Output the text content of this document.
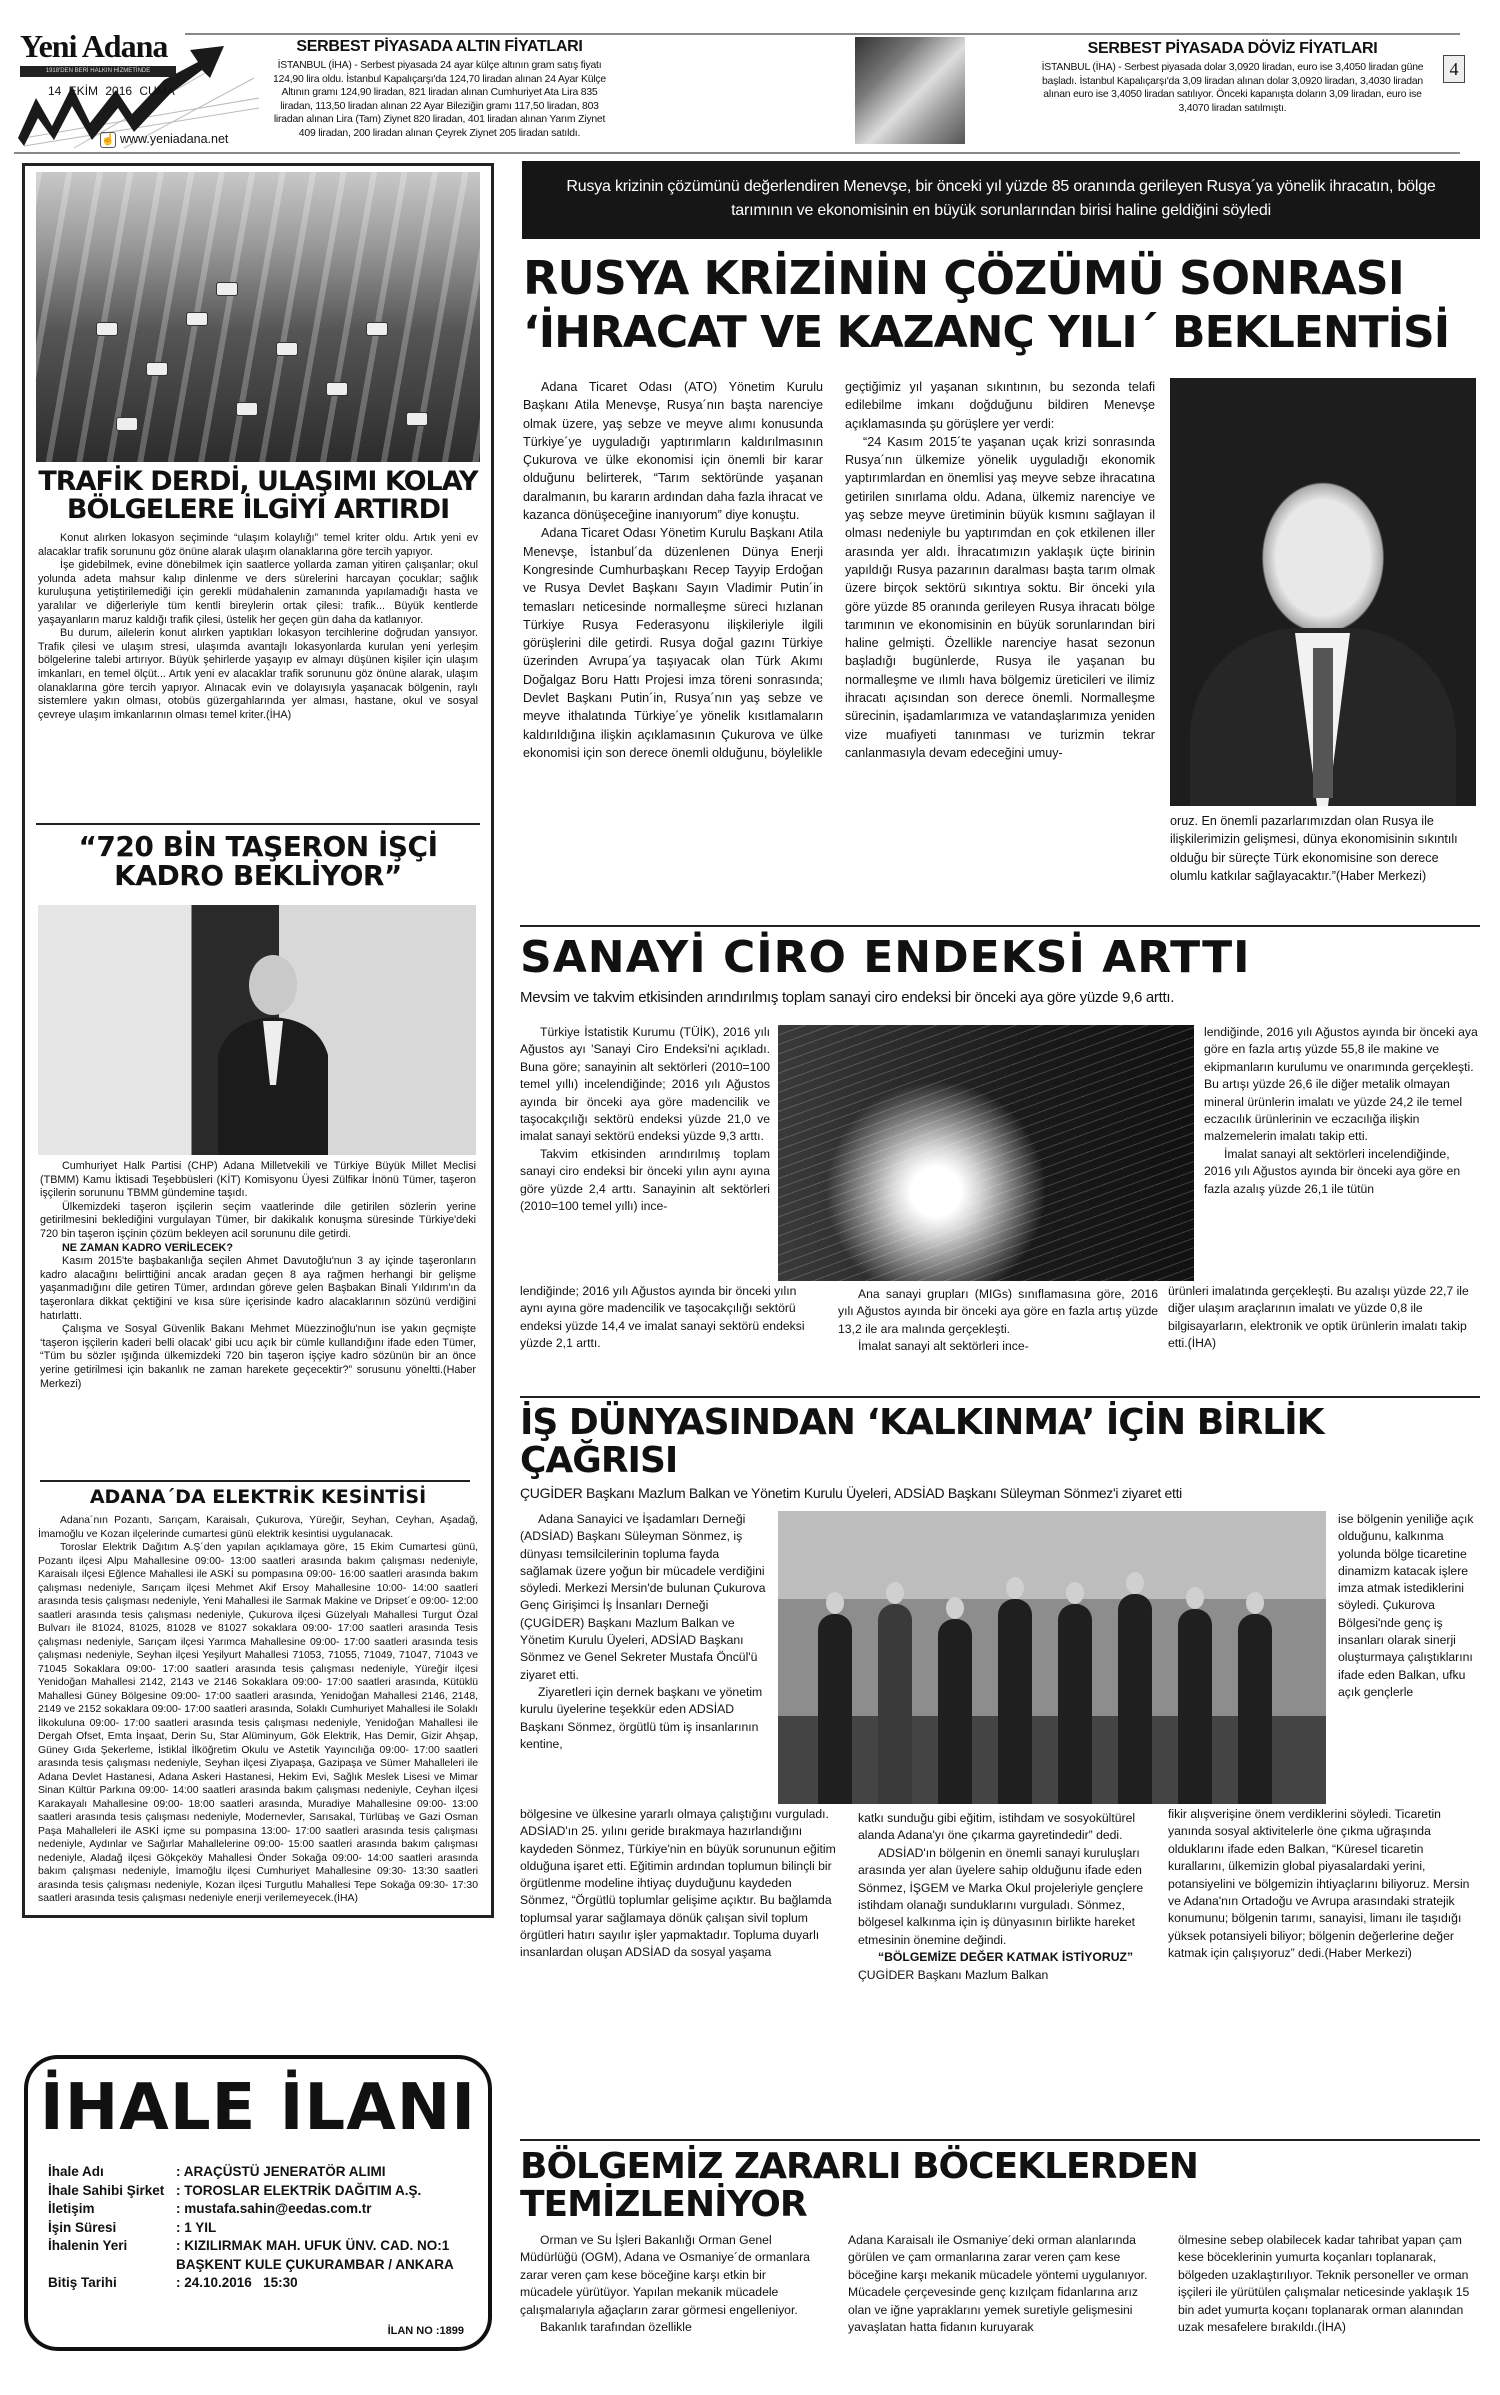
Yeni Adana
1918'DEN BERİ HALKIN HİZMETİNDE
14 EKİM 2016 CUMA
☝ www.yeniadana.net
SERBEST PİYASADA ALTIN FİYATLARI
İSTANBUL (İHA) - Serbest piyasada 24 ayar külçe altının gram satış fiyatı 124,90 lira oldu. İstanbul Kapalıçarşı'da 124,70 liradan alınan 24 Ayar Külçe Altının gramı 124,90 liradan, 821 liradan alınan Cumhuriyet Ata Lira 835 liradan, 113,50 liradan alınan 22 Ayar Bileziğin gramı 117,50 liradan, 803 liradan alınan Lira (Tam) Ziynet 820 liradan, 401 liradan alınan Yarım Ziynet 409 liradan, 200 liradan alınan Çeyrek Ziynet 205 liradan satıldı.
SERBEST PİYASADA DÖVİZ FİYATLARI
İSTANBUL (İHA) - Serbest piyasada dolar 3,0920 liradan, euro ise 3,4050 liradan güne başladı. İstanbul Kapalıçarşı'da 3,09 liradan alınan dolar 3,0920 liradan, 3,4030 liradan alınan euro ise 3,4050 liradan satılıyor. Önceki kapanışta doların 3,09 liradan, euro ise 3,4070 liradan satılmıştı.
4
TRAFİK DERDİ, ULAŞIMI KOLAY BÖLGELERE İLGİYİ ARTIRDI

Konut alırken lokasyon seçiminde “ulaşım kolaylığı” temel kriter oldu. Artık yeni ev alacaklar trafik sorununu göz önüne alarak ulaşım olanaklarına göre tercih yapıyor.

İşe gidebilmek, evine dönebilmek için saatlerce yollarda zaman yitiren çalışanlar; okul yolunda adeta mahsur kalıp dinlenme ve ders sürelerini harcayan çocuklar; sağlık kuruluşuna yetiştirilemediği için gerekli müdahalenin zamanında yapılamadığı hasta ve yaralılar ve diğerleriyle tüm kentli bireylerin ortak çilesi: trafik... Büyük kentlerde yaşayanların maruz kaldığı trafik çilesi, üstelik her geçen gün daha da katlanıyor.

Bu durum, ailelerin konut alırken yaptıkları lokasyon tercihlerine doğrudan yansıyor. Trafik çilesi ve ulaşım stresi, ulaşımda avantajlı lokasyonlarda kurulan yeni yerleşim bölgelerine talebi artırıyor. Büyük şehirlerde yaşayıp ev almayı düşünen kişiler için ulaşım imkanları, en temel ölçüt... Artık yeni ev alacaklar trafik sorununu göz önüne alarak, ulaşım olanaklarına göre tercih yapıyor. Alınacak evin ve dolayısıyla yaşanacak bölgenin, raylı sistemlere yakın olması, otobüs güzergahlarında yer alması, hastane, okul ve sosyal çevreye ulaşım imkanlarının olması temel kriter.(İHA)

“720 BİN TAŞERON İŞÇİ KADRO BEKLİYOR”

Cumhuriyet Halk Partisi (CHP) Adana Milletvekili ve Türkiye Büyük Millet Meclisi (TBMM) Kamu İktisadi Teşebbüsleri (KİT) Komisyonu Üyesi Zülfikar İnönü Tümer, taşeron işçilerin sorununu TBMM gündemine taşıdı.

Ülkemizdeki taşeron işçilerin seçim vaatlerinde dile getirilen sözlerin yerine getirilmesini beklediğini vurgulayan Tümer, bir dakikalık konuşma süresinde Türkiye'deki 720 bin taşeron işçinin çözüm bekleyen acil sorununu dile getirdi.

NE ZAMAN KADRO VERİLECEK?

Kasım 2015'te başbakanlığa seçilen Ahmet Davutoğlu'nun 3 ay içinde taşeronların kadro alacağını belirttiğini ancak aradan geçen 8 aya rağmen herhangi bir gelişme yaşanmadığını dile getiren Tümer, ardından göreve gelen Başbakan Binali Yıldırım'ın da taşeronlara dikkat çektiğini ve kısa süre içerisinde kadro alacaklarının sözünü verdiğini hatırlattı.

Çalışma ve Sosyal Güvenlik Bakanı Mehmet Müezzinoğlu'nun ise yakın geçmişte ‘taşeron işçilerin kaderi belli olacak’ gibi ucu açık bir cümle kullandığını ifade eden Tümer, “Tüm bu sözler ışığında ülkemizdeki 720 bin taşeron işçiye kadro sözünün bir an önce yerine getirilmesi için bakanlık ne zaman harekete geçecektir?” sorusunu yöneltti.(Haber Merkezi)

ADANA´DA ELEKTRİK KESİNTİSİ

Adana´nın Pozantı, Sarıçam, Karaisalı, Çukurova, Yüreğir, Seyhan, Ceyhan, Aşadağ, İmamoğlu ve Kozan ilçelerinde cumartesi günü elektrik kesintisi uygulanacak.

Toroslar Elektrik Dağıtım A.Ş´den yapılan açıklamaya göre, 15 Ekim Cumartesi günü, Pozantı ilçesi Alpu Mahallesine 09:00- 13:00 saatleri arasında bakım çalışması nedeniyle, Karaisalı ilçesi Eğlence Mahallesi ile ASKİ su pompasına 09:00- 16:00 saatleri arasında bakım çalışması nedeniyle, Sarıçam ilçesi Mehmet Akif Ersoy Mahallesine 10:00- 14:00 saatleri arasında tesis çalışması nedeniyle, Yeni Mahallesi ile Sarmak Makine ve Dripset´e 09:00- 12:00 saatleri arasında tesis çalışması nedeniyle, Çukurova ilçesi Güzelyalı Mahallesi Turgut Özal Bulvarı ile 81024, 81025, 81028 ve 81027 sokaklara 09:00- 17:00 saatleri arasında Tesis çalışması nedeniyle, Sarıçam ilçesi Yarımca Mahallesine 09:00- 17:00 saatleri arasında tesis çalışması nedeniyle, Seyhan ilçesi Yeşilyurt Mahallesi 71053, 71055, 71049, 71047, 71043 ve 71045 Sokaklara 09:00- 17:00 saatleri arasında tesis çalışması nedeniyle, Yüreğir ilçesi Yenidoğan Mahallesi 2142, 2143 ve 2146 Sokaklara 09:00- 17:00 saatleri arasında, Kütüklü Mahallesi Güney Bölgesine 09:00- 17:00 saatleri arasında, Yenidoğan Mahallesi 2146, 2148, 2149 ve 2152 sokaklara 09:00- 17:00 saatleri arasında, Solaklı Cumhuriyet Mahallesi ile Solaklı İlkokuluna 09:00- 17:00 saatleri arasında tesis çalışması nedeniyle, Yenidoğan Mahallesi ile Dergah Ofset, Emta İnşaat, Derin Su, Star Alüminyum, Gök Elektrik, Has Demir, Gizir Ahşap, Güney Gıda Şekerleme, İstiklal İlköğretim Okulu ve Astetik Yayıncılığa 09:00- 17:00 saatleri arasında tesis çalışması nedeniyle, Seyhan ilçesi Ziyapaşa, Gazipaşa ve Sümer Mahalleleri ile Adana Devlet Hastanesi, Adana Askeri Hastanesi, Hekim Evi, Sağlık Meslek Lisesi ve Mimar Sinan Kültür Parkına 09:00- 14:00 saatleri arasında bakım çalışması nedeniyle, Ceyhan ilçesi Karakayalı Mahallesine 09:00- 18:00 saatleri arasında, Muradiye Mahallesine 09:00- 13:00 saatleri arasında tesis çalışması nedeniyle, Modernevler, Sarısakal, Türlübaş ve Gazi Osman Paşa Mahalleleri ile ASKİ içme su pompasına 13:00- 17:00 saatleri arasında tesis çalışması nedeniyle, Aydınlar ve Sağırlar Mahallelerine 09:00- 15:00 saatleri arasında bakım çalışması nedeniyle, Aladağ ilçesi Gökçeköy Mahallesi Önder Sokağa 09:00- 14:00 saatleri arasında bakım çalışması nedeniyle, İmamoğlu ilçesi Cumhuriyet Mahallesine 09:30- 13:30 saatleri arasında tesis çalışması nedeniyle, Kozan ilçesi Turgutlu Mahallesi Tepe Sokağa 09:30- 17:30 saatleri arasında tesis çalışması nedeniyle enerji verilemeyecek.(İHA)

İHALE İLANI
İhale Adı	: ARAÇÜSTÜ JENERATÖR ALIMI
İhale Sahibi Şirket	: TOROSLAR ELEKTRİK DAĞITIM A.Ş.
İletişim	: mustafa.sahin@eedas.com.tr
İşin Süresi	: 1 YIL
İhalenin Yeri	: KIZILIRMAK MAH. UFUK ÜNV. CAD. NO:1 BAŞKENT KULE ÇUKURAMBAR / ANKARA
Bitiş Tarihi	: 24.10.2016   15:30
İLAN NO :1899
Rusya krizinin çözümünü değerlendiren Menevşe, bir önceki yıl yüzde 85 oranında gerileyen Rusya´ya yönelik ihracatın, bölge tarımının ve ekonomisinin en büyük sorunlarından birisi haline geldiğini söyledi
RUSYA KRİZİNİN ÇÖZÜMÜ SONRASI
‘İHRACAT VE KAZANÇ YILI´ BEKLENTİSİ

Adana Ticaret Odası (ATO) Yönetim Kurulu Başkanı Atila Menevşe, Rusya´nın başta narenciye olmak üzere, yaş sebze ve meyve alımı konusunda Türkiye´ye uyguladığı yaptırımların kaldırılmasının Çukurova ve ülke ekonomisi için önemli bir karar olduğunu belirterek, “Tarım sektöründe yaşanan daralmanın, bu kararın ardından daha fazla ihracat ve kazanca dönüşeceğine inanıyorum” diye konuştu.

Adana Ticaret Odası Yönetim Kurulu Başkanı Atila Menevşe, İstanbul´da düzenlenen Dünya Enerji Kongresinde Cumhurbaşkanı Recep Tayyip Erdoğan ve Rusya Devlet Başkanı Sayın Vladimir Putin´in temasları neticesinde normalleşme süreci hızlanan Türkiye Rusya Federasyonu ilişkileriyle ilgili görüşlerini dile getirdi. Rusya doğal gazını Türkiye üzerinden Avrupa´ya taşıyacak olan Türk Akımı Doğalgaz Boru Hattı Projesi imza töreni sonrasında; Devlet Başkanı Putin´in, Rusya´nın yaş sebze ve meyve ithalatında Türkiye´ye yönelik kısıtlamaların kaldırıldığına ilişkin açıklamasının Çukurova ve ülke ekonomisi için son derece önemli olduğunu, böylelikle

geçtiğimiz yıl yaşanan sıkıntının, bu sezonda telafi edilebilme imkanı doğduğunu bildiren Menevşe açıklamasında şu görüşlere yer verdi:

“24 Kasım 2015´te yaşanan uçak krizi sonrasında Rusya´nın ülkemize yönelik uyguladığı ekonomik yaptırımlardan en önemlisi yaş meyve sebze ihracatına getirilen sınırlama oldu. Adana, ülkemiz narenciye ve yaş sebze meyve üretiminin büyük kısmını sağlayan il olması nedeniyle bu yaptırımdan en çok etkilenen iller arasında yer aldı. İhracatımızın yaklaşık üçte birinin yapıldığı Rusya pazarının daralması başta tarım olmak üzere birçok sektörü sıkıntıya soktu. Bir önceki yıla göre yüzde 85 oranında gerileyen Rusya ihracatı bölge tarımının ve ekonomisinin en büyük sorunlarından biri haline gelmişti. Özellikle narenciye hasat sezonun başladığı bugünlerde, Rusya ile yaşanan bu normalleşme ve ılımlı hava bölgemiz üreticileri ve ilimiz ihracatı açısından son derece önemli. Normalleşme sürecinin, işadamlarımıza ve vatandaşlarımıza yeniden vize muafiyeti tanınması ve turizmin tekrar canlanmasıyla devam edeceğini umuy-

oruz. En önemli pazarlarımızdan olan Rusya ile ilişkilerimizin gelişmesi, dünya ekonomisinin sıkıntılı olduğu bir süreçte Türk ekonomisine son derece olumlu katkılar sağlayacaktır.”(Haber Merkezi)

SANAYİ CİRO ENDEKSİ ARTTI
Mevsim ve takvim etkisinden arındırılmış toplam sanayi ciro endeksi bir önceki aya göre yüzde 9,6 arttı.

Türkiye İstatistik Kurumu (TÜİK), 2016 yılı Ağustos ayı 'Sanayi Ciro Endeksi'ni açıkladı. Buna göre; sanayinin alt sektörleri (2010=100 temel yıllı) incelendiğinde; 2016 yılı Ağustos ayında bir önceki aya göre madencilik ve taşocakçılığı sektörü endeksi yüzde 21,0 ve imalat sanayi sektörü endeksi yüzde 9,3 arttı.

Takvim etkisinden arındırılmış toplam sanayi ciro endeksi bir önceki yılın aynı ayına göre yüzde 2,4 arttı. Sanayinin alt sektörleri (2010=100 temel yıllı) ince-

lendiğinde; 2016 yılı Ağustos ayında bir önceki yılın aynı ayına göre madencilik ve taşocakçılığı sektörü endeksi yüzde 14,4 ve imalat sanayi sektörü endeksi yüzde 2,1 arttı.

Ana sanayi grupları (MIGs) sınıflamasına göre, 2016 yılı Ağustos ayında bir önceki aya göre en fazla artış yüzde 13,2 ile ara malında gerçekleşti.

İmalat sanayi alt sektörleri ince-

lendiğinde, 2016 yılı Ağustos ayında bir önceki aya göre en fazla artış yüzde 55,8 ile makine ve ekipmanların kurulumu ve onarımında gerçekleşti. Bu artışı yüzde 26,6 ile diğer metalik olmayan mineral ürünlerin imalatı ve yüzde 24,2 ile temel eczacılık ürünlerinin ve eczacılığa ilişkin malzemelerin imalatı takip etti.

İmalat sanayi alt sektörleri incelendiğinde, 2016 yılı Ağustos ayında bir önceki aya göre en fazla azalış yüzde 26,1 ile tütün

ürünleri imalatında gerçekleşti. Bu azalışı yüzde 22,7 ile diğer ulaşım araçlarının imalatı ve yüzde 0,8 ile bilgisayarların, elektronik ve optik ürünlerin imalatı takip etti.(İHA)

İŞ DÜNYASINDAN ‘KALKINMA’ İÇİN BİRLİK ÇAĞRISI
ÇUGİDER Başkanı Mazlum Balkan ve Yönetim Kurulu Üyeleri, ADSİAD Başkanı Süleyman Sönmez'i ziyaret etti

Adana Sanayici ve İşadamları Derneği (ADSİAD) Başkanı Süleyman Sönmez, iş dünyası temsilcilerinin topluma fayda sağlamak üzere yoğun bir mücadele verdiğini söyledi. Merkezi Mersin'de bulunan Çukurova Genç Girişimci İş İnsanları Derneği (ÇUGİDER) Başkanı Mazlum Balkan ve Yönetim Kurulu Üyeleri, ADSİAD Başkanı Sönmez ve Genel Sekreter Mustafa Öncül'ü ziyaret etti.

Ziyaretleri için dernek başkanı ve yönetim kurulu üyelerine teşekkür eden ADSİAD Başkanı Sönmez, örgütlü tüm iş insanlarının kentine,

bölgesine ve ülkesine yararlı olmaya çalıştığını vurguladı. ADSİAD'ın 25. yılını geride bırakmaya hazırlandığını kaydeden Sönmez, Türkiye'nin en büyük sorununun eğitim olduğuna işaret etti. Eğitimin ardından toplumun bilinçli bir örgütlenme modeline ihtiyaç duyduğunu kaydeden Sönmez, “Örgütlü toplumlar gelişime açıktır. Bu bağlamda toplumsal yarar sağlamaya dönük çalışan sivil toplum örgütleri hatırı sayılır işler yapmaktadır. Topluma duyarlı insanlardan oluşan ADSİAD da sosyal yaşama

katkı sunduğu gibi eğitim, istihdam ve sosyokültürel alanda Adana'yı öne çıkarma gayretindedir” dedi.

ADSİAD'ın bölgenin en önemli sanayi kuruluşları arasında yer alan üyelere sahip olduğunu ifade eden Sönmez, İŞGEM ve Marka Okul projeleriyle gençlere istihdam olanağı sunduklarını vurguladı. Sönmez, bölgesel kalkınma için iş dünyasının birlikte hareket etmesinin önemine değindi.

“BÖLGEMİZE DEĞER KATMAK İSTİYORUZ”

ÇUGİDER Başkanı Mazlum Balkan

ise bölgenin yeniliğe açık olduğunu, kalkınma yolunda bölge ticaretine dinamizm katacak işlere imza atmak istediklerini söyledi. Çukurova Bölgesi'nde genç iş insanları olarak sinerji oluşturmaya çalıştıklarını ifade eden Balkan, ufku açık gençlerle

fikir alışverişine önem verdiklerini söyledi. Ticaretin yanında sosyal aktivitelerle öne çıkma uğraşında olduklarını ifade eden Balkan, “Küresel ticaretin kurallarını, ülkemizin global piyasalardaki yerini, potansiyelini ve bölgemizin ihtiyaçlarını biliyoruz. Mersin ve Adana'nın Ortadoğu ve Avrupa arasındaki stratejik konumunu; bölgenin tarımı, sanayisi, limanı ile taşıdığı yüksek potansiyeli biliyor; bölgenin değerlerine değer katmak için çalışıyoruz” dedi.(Haber Merkezi)

BÖLGEMİZ ZARARLI BÖCEKLERDEN TEMİZLENİYOR

Orman ve Su İşleri Bakanlığı Orman Genel Müdürlüğü (OGM), Adana ve Osmaniye´de ormanlara zarar veren çam kese böceğine karşı etkin bir mücadele yürütüyor. Yapılan mekanik mücadele çalışmalarıyla ağaçların zarar görmesi engelleniyor.

Bakanlık tarafından özellikle

Adana Karaisalı ile Osmaniye´deki orman alanlarında görülen ve çam ormanlarına zarar veren çam kese böceğine karşı mekanik mücadele yöntemi uygulanıyor. Mücadele çerçevesinde genç kızılçam fidanlarına arız olan ve iğne yapraklarını yemek suretiyle gelişmesini yavaşlatan hatta fidanın kuruyarak

ölmesine sebep olabilecek kadar tahribat yapan çam kese böceklerinin yumurta koçanları toplanarak, bölgeden uzaklaştırılıyor. Teknik personeller ve orman işçileri ile yürütülen çalışmalar neticesinde yaklaşık 15 bin adet yumurta koçanı toplanarak orman alanından uzak mesafelere bırakıldı.(İHA)
